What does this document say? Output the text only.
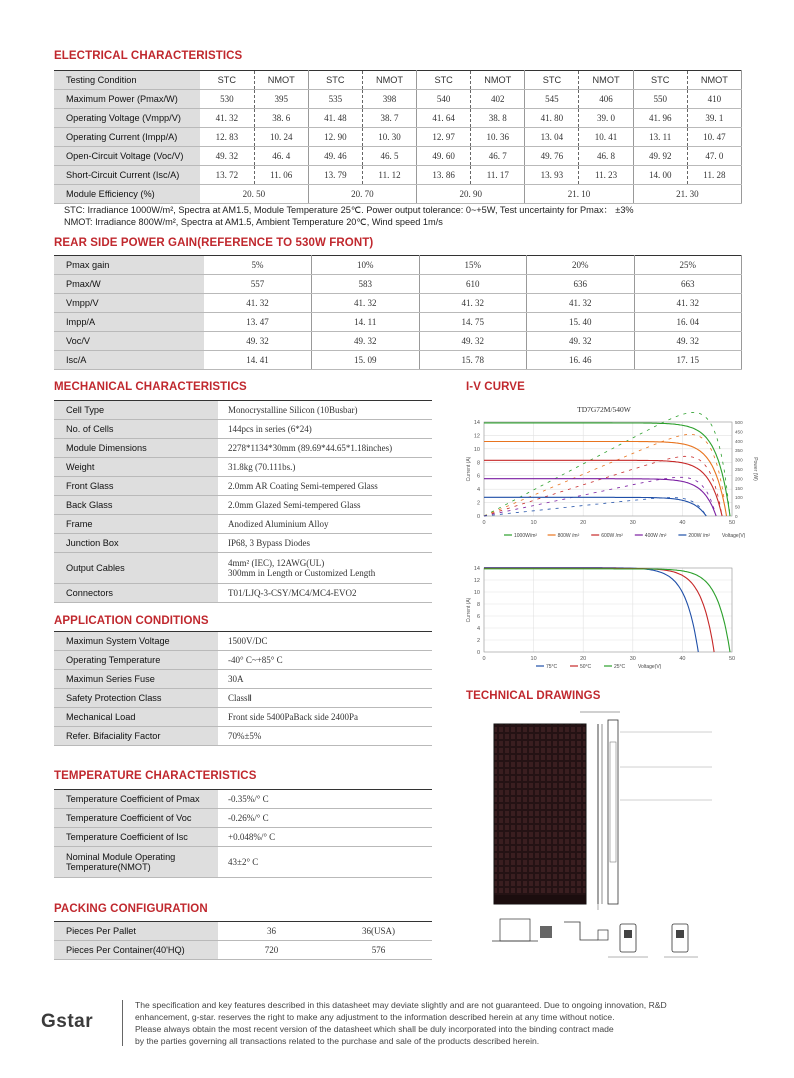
ELECTRICAL CHARACTERISTICS
Testing Condition	STC	NMOT	STC	NMOT	STC	NMOT	STC	NMOT	STC	NMOT
Maximum Power (Pmax/W)	530	395	535	398	540	402	545	406	550	410
Operating Voltage (Vmpp/V)	41. 32	38. 6	41. 48	38. 7	41. 64	38. 8	41. 80	39. 0	41. 96	39. 1
Operating Current (Impp/A)	12. 83	10. 24	12. 90	10. 30	12. 97	10. 36	13. 04	10. 41	13. 11	10. 47
Open-Circuit Voltage (Voc/V)	49. 32	46. 4	49. 46	46. 5	49. 60	46. 7	49. 76	46. 8	49. 92	47. 0
Short-Circuit Current (Isc/A)	13. 72	11. 06	13. 79	11. 12	13. 86	11. 17	13. 93	11. 23	14. 00	11. 28
Module Efficiency (%)	20. 50		20. 70		20. 90		21. 10		21. 30	
STC: Irradiance 1000W/m², Spectra at AM1.5, Module Temperature 25℃. Power output tolerance: 0~+5W, Test uncertainty for Pmax： ±3%
NMOT: Irradiance 800W/m², Spectra at AM1.5, Ambient Temperature 20℃, Wind speed 1m/s
REAR SIDE POWER GAIN(REFERENCE TO 530W FRONT)
Pmax gain	5%	10%	15%	20%	25%
Pmax/W	557	583	610	636	663
Vmpp/V	41. 32	41. 32	41. 32	41. 32	41. 32
Impp/A	13. 47	14. 11	14. 75	15. 40	16. 04
Voc/V	49. 32	49. 32	49. 32	49. 32	49. 32
Isc/A	14. 41	15. 09	15. 78	16. 46	17. 15
MECHANICAL CHARACTERISTICS
Cell Type	Monocrystalline Silicon (10Busbar)

No. of Cells	144pcs in series (6*24)

Module Dimensions	2278*1134*30mm (89.69*44.65*1.18inches)

Weight	31.8kg (70.111bs.)

Front Glass	2.0mm AR Coating Semi-tempered Glass

Back Glass	2.0mm Glazed Semi-tempered Glass

Frame	Anodized Aluminium Alloy

Junction Box	IP68, 3 Bypass Diodes

Output Cables	4mm² (IEC), 12AWG(UL)
300mm in Length or Customized Length

Connectors	T01/LJQ-3-CSY/MC4/MC4-EVO2
APPLICATION CONDITIONS
Maximun System Voltage	1500V/DC

Operating Temperature	-40° C~+85° C

Maximun Series Fuse	30A

Safety Protection Class	ClassⅡ

Mechanical Load	Front side 5400PaBack side 2400Pa

Refer. Bifaciality Factor	70%±5%
TEMPERATURE CHARACTERISTICS
Temperature Coefficient of Pmax	-0.35%/° C

Temperature Coefficient of Voc	-0.26%/° C

Temperature Coefficient of Isc	+0.048%/° C

Nominal Module Operating
Temperature(NMOT)	43±2° C
PACKING CONFIGURATION
Pieces Per Pallet	36	36(USA)
Pieces Per Container(40'HQ)	720	576
I-V CURVE
TD7G72M/540W
0
2
4
6
8
10
12
14
0	10	20	30	40	50
0
50
100
150
200
250
300
350
400
450
500
Current (A)	Power (W)
1000W/m²	800W /m²	600W /m²	400W /m²	200W /m² Voltage(V)
0
2
4
6
8
10
12
14
0	10	20	30	40	50
Current (A)
75°C	50°C	25°C	Voltage(V)
TECHNICAL DRAWINGS
Gstar
The specification and key features described in this datasheet may deviate slightly and are not guaranteed. Due to ongoing innovation, R&D
enhancement, g-star. reserves the right to make any adjustment to the information described herein at any time without notice.
Please always obtain the most recent version of the datasheet which shall be duly incorporated into the binding contract made
by the parties governing all transactions related to the purchase and sale of the products described herein.
